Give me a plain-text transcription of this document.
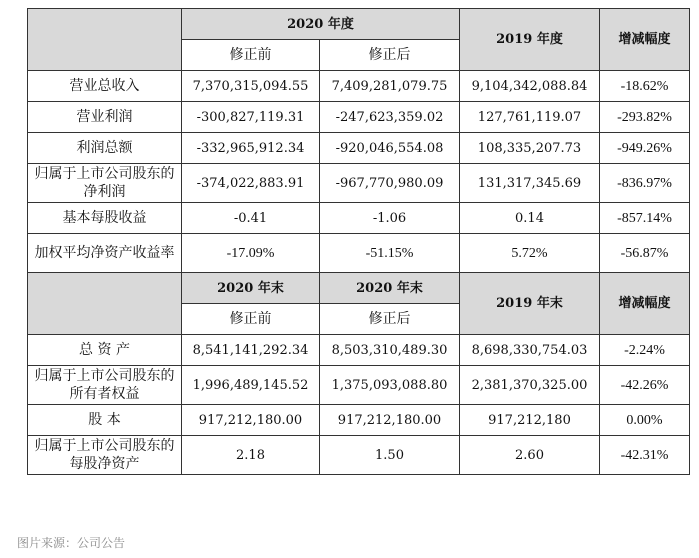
	2020 年度		2019 年度	增减幅度
	修正前	修正后		
营业总收入	7,370,315,094.55	7,409,281,079.75	9,104,342,088.84	-18.62%
营业利润	-300,827,119.31	-247,623,359.02	127,761,119.07	-293.82%
利润总额	-332,965,912.34	-920,046,554.08	108,335,207.73	-949.26%
归属于上市公司股东的净利润	-374,022,883.91	-967,770,980.09	131,317,345.69	-836.97%
基本每股收益	-0.41	-1.06	0.14	-857.14%
加权平均净资产收益率	-17.09%	-51.15%	5.72%	-56.87%
	2020 年末	2020 年末	2019 年末	增减幅度
	修正前	修正后		
总 资 产	8,541,141,292.34	8,503,310,489.30	8,698,330,754.03	-2.24%
归属于上市公司股东的所有者权益	1,996,489,145.52	1,375,093,088.80	2,381,370,325.00	-42.26%
股 本	917,212,180.00	917,212,180.00	917,212,180	0.00%
归属于上市公司股东的每股净资产	2.18	1.50	2.60	-42.31%
图片来源：公司公告
